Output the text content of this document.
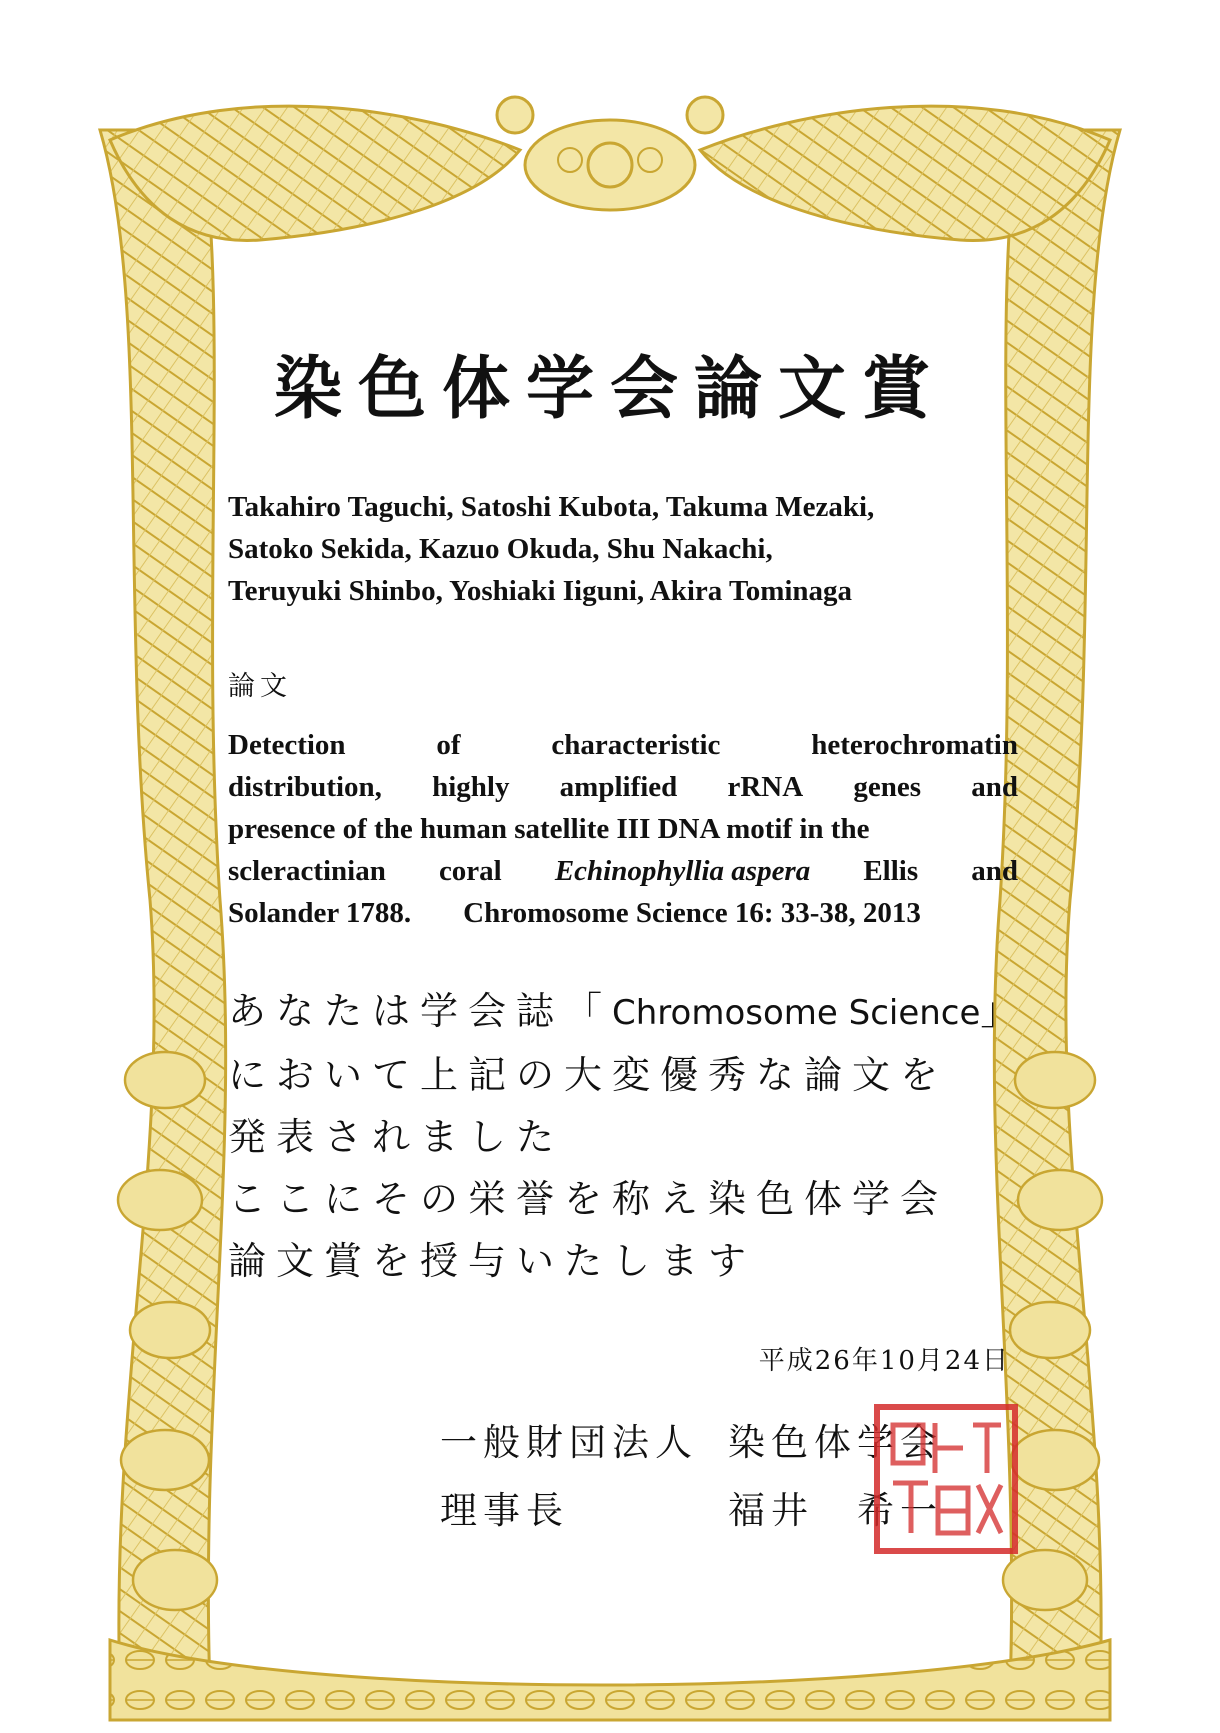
染色体学会論文賞
Takahiro Taguchi, Satoshi Kubota, Takuma Mezaki,
Satoko Sekida, Kazuo Okuda, Shu Nakachi,
Teruyuki Shinbo, Yoshiaki Iiguni, Akira Tominaga

論文

Detection	of	characteristic	heterochromatin
distribution, highly amplified rRNA genes and
presence of the human satellite III DNA motif in the
scleractinian coral Echinophyllia aspera Ellis and
Solander 1788. Chromosome Science 16: 33-38, 2013
あなたは学会誌「Chromosome Science」
において上記の大変優秀な論文を
発表されました
ここにその栄誉を称え染色体学会
論文賞を授与いたします

平成26年10月24日

一般財団法人 染色体学会
理事長	福井　希一
